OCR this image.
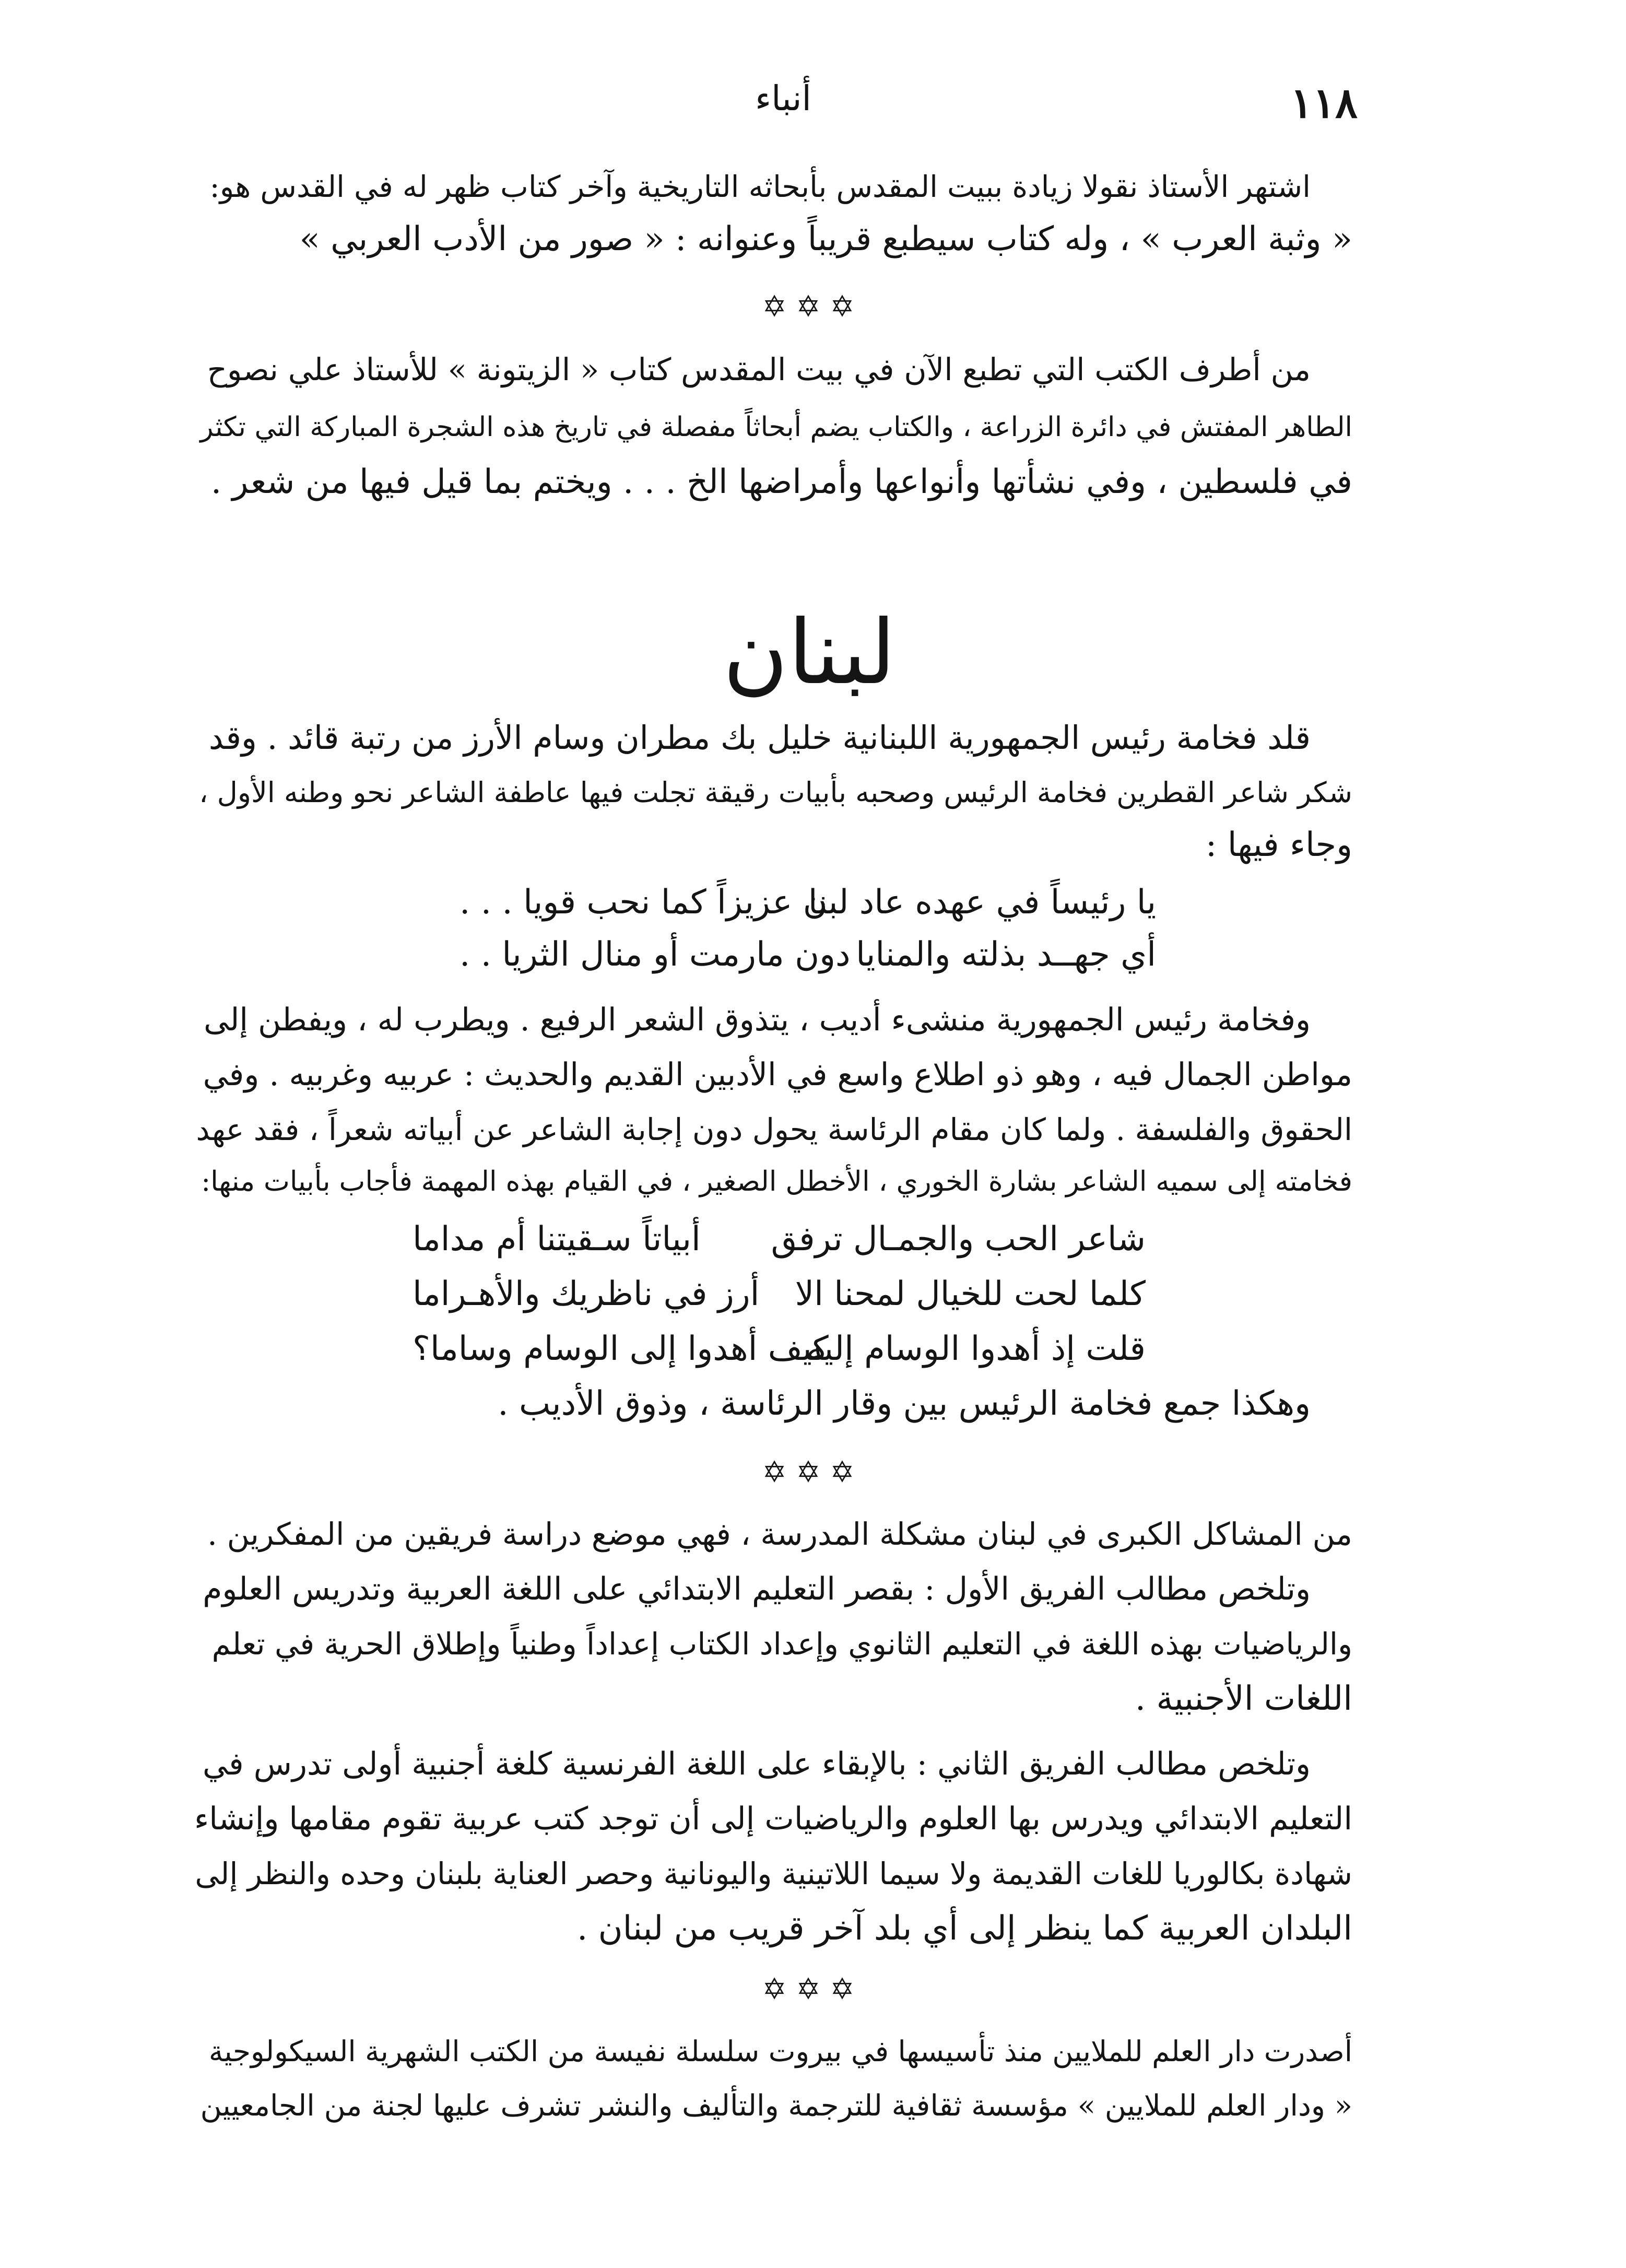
١١٨
أنباء
اشتهر الأستاذ نقولا زيادة ببيت المقدس بأبحاثه التاريخية وآخر كتاب ظهر له في القدس هو:
« وثبة العرب » ، وله كتاب سيطبع قريباً وعنوانه : « صور من الأدب العربي »
✡✡✡
من أطرف الكتب التي تطبع الآن في بيت المقدس كتاب « الزيتونة » للأستاذ علي نصوح
الطاهر المفتش في دائرة الزراعة ، والكتاب يضم أبحاثاً مفصلة في تاريخ هذه الشجرة المباركة التي تكثر
في فلسطين ، وفي نشأتها وأنواعها وأمراضها الخ . . . ويختم بما قيل فيها من شعر .
لبنان
قلد فخامة رئيس الجمهورية اللبنانية خليل بك مطران وسام الأرز من رتبة قائد . وقد
شكر شاعر القطرين فخامة الرئيس وصحبه بأبيات رقيقة تجلت فيها عاطفة الشاعر نحو وطنه الأول ،
وجاء فيها :
يا رئيساً في عهده عاد لبنا
ن عزيزاً كما نحب قويا . . .
أي جهــد بذلته والمنايا
دون مارمت أو منال الثريا . .
وفخامة رئيس الجمهورية منشىء أديب ، يتذوق الشعر الرفيع . ويطرب له ، ويفطن إلى
مواطن الجمال فيه ، وهو ذو اطلاع واسع في الأدبين القديم والحديث : عربيه وغربيه . وفي
الحقوق والفلسفة . ولما كان مقام الرئاسة يحول دون إجابة الشاعر عن أبياته شعراً ، فقد عهد
فخامته إلى سميه الشاعر بشارة الخوري ، الأخطل الصغير ، في القيام بهذه المهمة فأجاب بأبيات منها:
شاعر الحب والجمـال ترفق
أبياتاً سـقيتنا أم مداما
كلما لحت للخيال لمحنا الا
أرز في ناظريك والأهـراما
قلت إذ أهدوا الوسام إليه
كيف أهدوا إلى الوسام وساما؟
وهكذا جمع فخامة الرئيس بين وقار الرئاسة ، وذوق الأديب .
✡✡✡
من المشاكل الكبرى في لبنان مشكلة المدرسة ، فهي موضع دراسة فريقين من المفكرين .
وتلخص مطالب الفريق الأول : بقصر التعليم الابتدائي على اللغة العربية وتدريس العلوم
والرياضيات بهذه اللغة في التعليم الثانوي وإعداد الكتاب إعداداً وطنياً وإطلاق الحرية في تعلم
اللغات الأجنبية .
وتلخص مطالب الفريق الثاني : بالإبقاء على اللغة الفرنسية كلغة أجنبية أولى تدرس في
التعليم الابتدائي ويدرس بها العلوم والرياضيات إلى أن توجد كتب عربية تقوم مقامها وإنشاء
شهادة بكالوريا للغات القديمة ولا سيما اللاتينية واليونانية وحصر العناية بلبنان وحده والنظر إلى
البلدان العربية كما ينظر إلى أي بلد آخر قريب من لبنان .
✡✡✡
أصدرت دار العلم للملايين منذ تأسيسها في بيروت سلسلة نفيسة من الكتب الشهرية السيكولوجية
« ودار العلم للملايين » مؤسسة ثقافية للترجمة والتأليف والنشر تشرف عليها لجنة من الجامعيين
